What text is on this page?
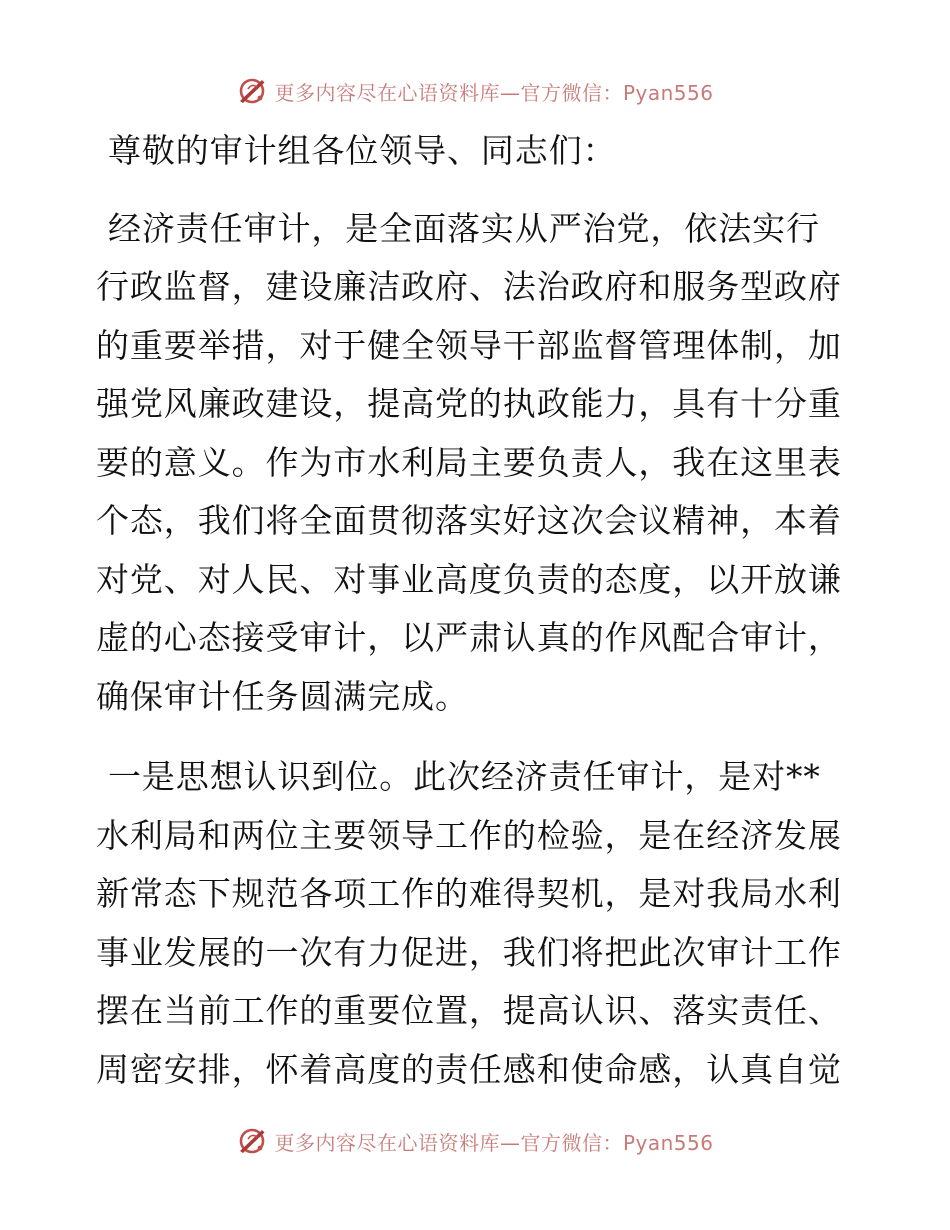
更多内容尽在心语资料库—官方微信：Pyan556

尊敬的审计组各位领导、同志们：

经济责任审计，是全面落实从严治党，依法实行行政监督，建设廉洁政府、法治政府和服务型政府的重要举措，对于健全领导干部监督管理体制，加强党风廉政建设，提高党的执政能力，具有十分重要的意义。作为市水利局主要负责人，我在这里表个态，我们将全面贯彻落实好这次会议精神，本着对党、对人民、对事业高度负责的态度，以开放谦虚的心态接受审计，以严肃认真的作风配合审计，确保审计任务圆满完成。

一是思想认识到位。此次经济责任审计，是对**水利局和两位主要领导工作的检验，是在经济发展新常态下规范各项工作的难得契机，是对我局水利事业发展的一次有力促进，我们将把此次审计工作摆在当前工作的重要位置，提高认识、落实责任、周密安排，怀着高度的责任感和使命感，认真自觉

更多内容尽在心语资料库—官方微信：Pyan556
